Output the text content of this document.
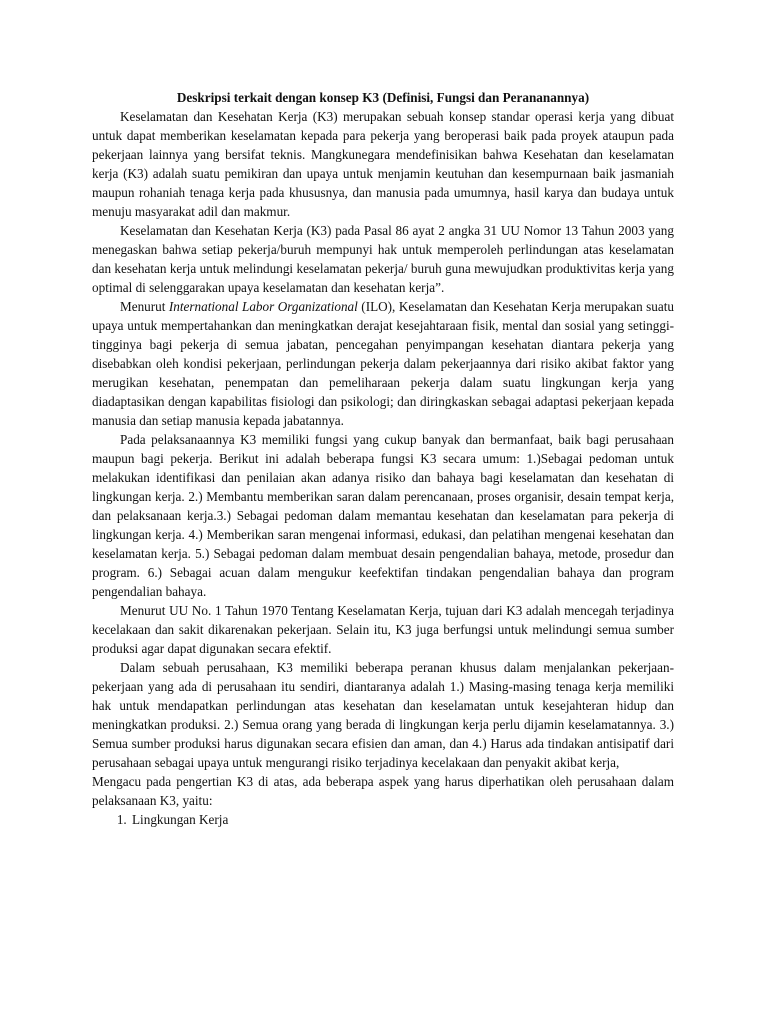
Deskripsi terkait dengan konsep K3 (Definisi, Fungsi dan Perananannya)

Keselamatan dan Kesehatan Kerja (K3) merupakan sebuah konsep standar operasi kerja yang dibuat untuk dapat memberikan keselamatan kepada para pekerja yang beroperasi baik pada proyek ataupun pada pekerjaan lainnya yang bersifat teknis. Mangkunegara mendefinisikan bahwa Kesehatan dan keselamatan kerja (K3) adalah suatu pemikiran dan upaya untuk menjamin keutuhan dan kesempurnaan baik jasmaniah maupun rohaniah tenaga kerja pada khususnya, dan manusia pada umumnya, hasil karya dan budaya untuk menuju masyarakat adil dan makmur.

Keselamatan dan Kesehatan Kerja (K3) pada Pasal 86 ayat 2 angka 31 UU Nomor 13 Tahun 2003 yang menegaskan bahwa setiap pekerja/buruh mempunyi hak untuk memperoleh perlindungan atas keselamatan dan kesehatan kerja untuk melindungi keselamatan pekerja/ buruh guna mewujudkan produktivitas kerja yang optimal di selenggarakan upaya keselamatan dan kesehatan kerja”.

Menurut International Labor Organizational (ILO), Keselamatan dan Kesehatan Kerja merupakan suatu upaya untuk mempertahankan dan meningkatkan derajat kesejahtaraan fisik, mental dan sosial yang setinggi-tingginya bagi pekerja di semua jabatan, pencegahan penyimpangan kesehatan diantara pekerja yang disebabkan oleh kondisi pekerjaan, perlindungan pekerja dalam pekerjaannya dari risiko akibat faktor yang merugikan kesehatan, penempatan dan pemeliharaan pekerja dalam suatu lingkungan kerja yang diadaptasikan dengan kapabilitas fisiologi dan psikologi; dan diringkaskan sebagai adaptasi pekerjaan kepada manusia dan setiap manusia kepada jabatannya.

Pada pelaksanaannya K3 memiliki fungsi yang cukup banyak dan bermanfaat, baik bagi perusahaan maupun bagi pekerja. Berikut ini adalah beberapa fungsi K3 secara umum: 1.)Sebagai pedoman untuk melakukan identifikasi dan penilaian akan adanya risiko dan bahaya bagi keselamatan dan kesehatan di lingkungan kerja. 2.) Membantu memberikan saran dalam perencanaan, proses organisir, desain tempat kerja, dan pelaksanaan kerja.3.) Sebagai pedoman dalam memantau kesehatan dan keselamatan para pekerja di lingkungan kerja. 4.) Memberikan saran mengenai informasi, edukasi, dan pelatihan mengenai kesehatan dan keselamatan kerja. 5.) Sebagai pedoman dalam membuat desain pengendalian bahaya, metode, prosedur dan program. 6.) Sebagai acuan dalam mengukur keefektifan tindakan pengendalian bahaya dan program pengendalian bahaya.

Menurut UU No. 1 Tahun 1970 Tentang Keselamatan Kerja, tujuan dari K3 adalah mencegah terjadinya kecelakaan dan sakit dikarenakan pekerjaan. Selain itu, K3 juga berfungsi untuk melindungi semua sumber produksi agar dapat digunakan secara efektif.

Dalam sebuah perusahaan, K3 memiliki beberapa peranan khusus dalam menjalankan pekerjaan-pekerjaan yang ada di perusahaan itu sendiri, diantaranya adalah 1.) Masing-masing tenaga kerja memiliki hak untuk mendapatkan perlindungan atas kesehatan dan keselamatan untuk kesejahteran hidup dan meningkatkan produksi. 2.) Semua orang yang berada di lingkungan kerja perlu dijamin keselamatannya. 3.) Semua sumber produksi harus digunakan secara efisien dan aman, dan 4.) Harus ada tindakan antisipatif dari perusahaan sebagai upaya untuk mengurangi risiko terjadinya kecelakaan dan penyakit akibat kerja,

Mengacu pada pengertian K3 di atas, ada beberapa aspek yang harus diperhatikan oleh perusahaan dalam pelaksanaan K3, yaitu:

1. Lingkungan Kerja
